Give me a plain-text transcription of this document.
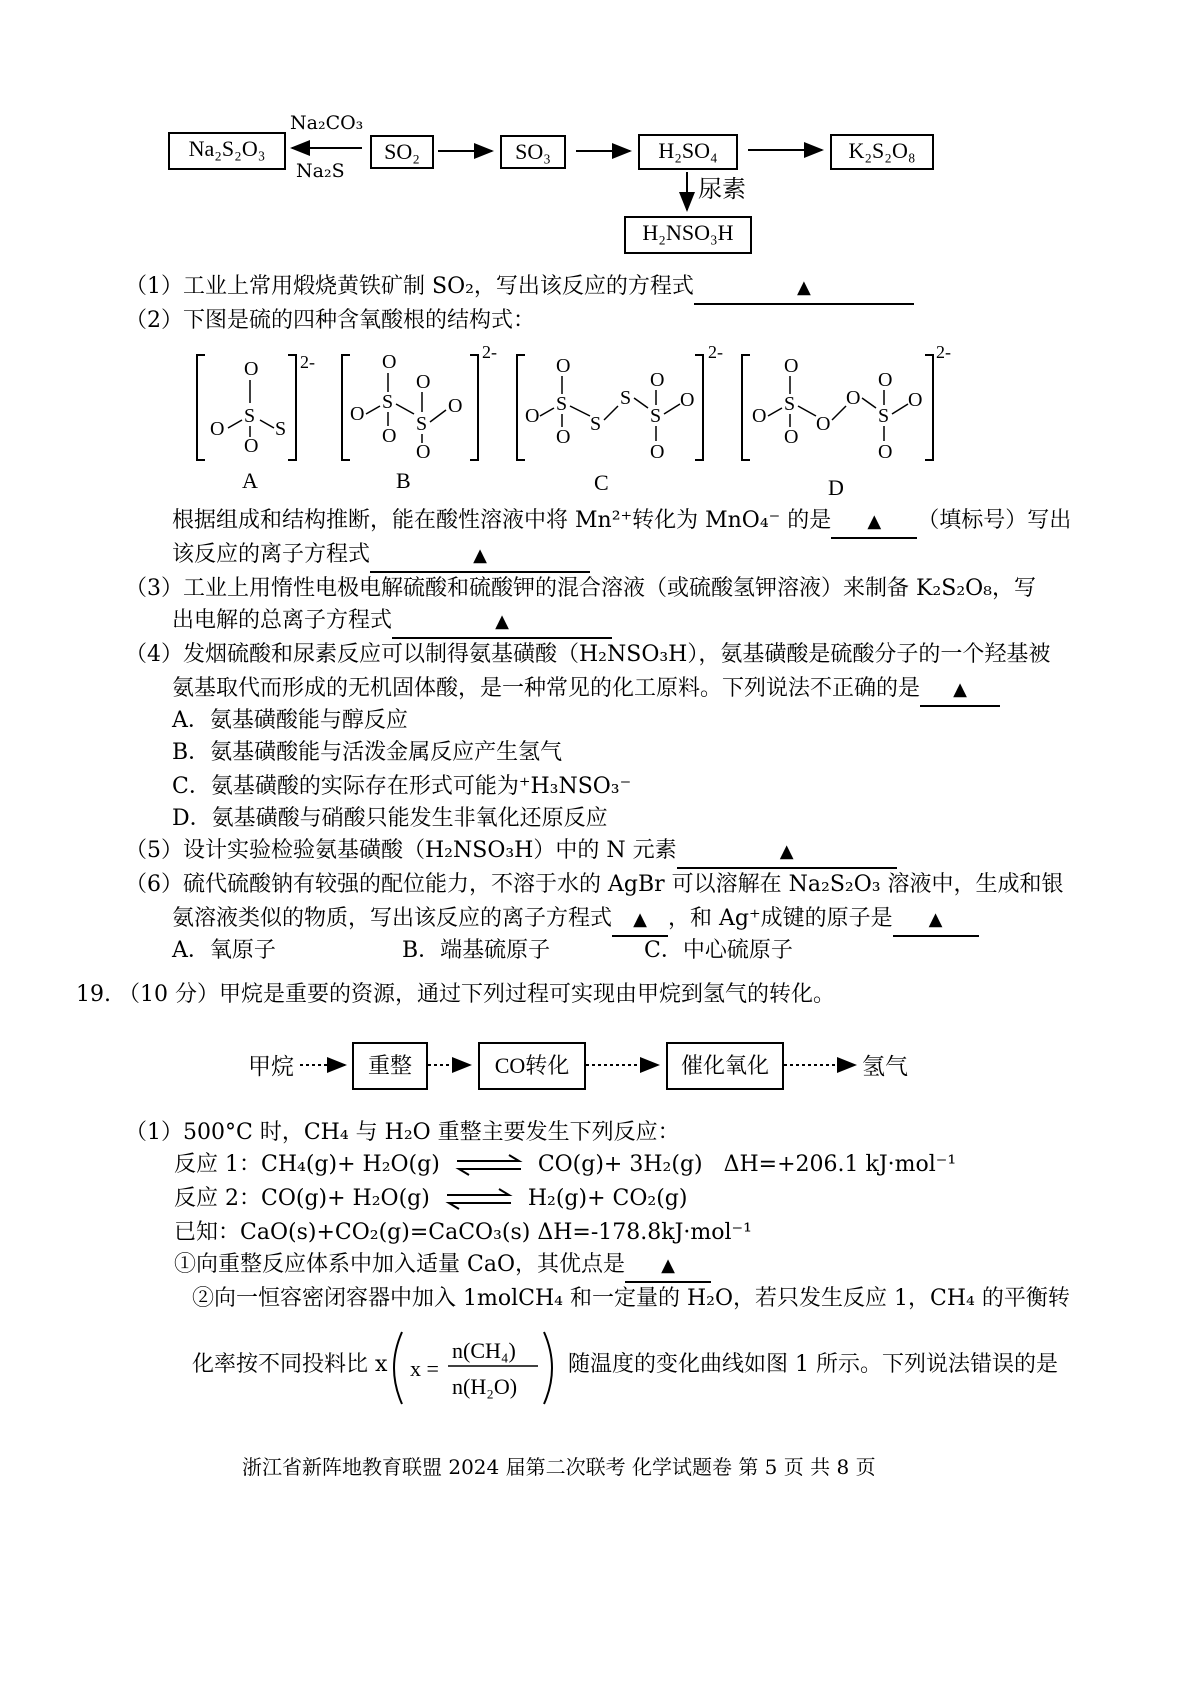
Na₂S₂O₃	SO₂	SO₃	H₂SO₄	K₂S₂O₈
H₂NSO₃H
Na₂CO₃
Na₂S
尿素
（1）工业上常用煅烧黄铁矿制 SO₂，写出该反应的方程式	▲
（2）下图是硫的四种含氧酸根的结构式：
O
S
O	S
O
2-	O
S
O
O
S
O
O
O
2-
O
S
O
O
S
S
S
O
O
O
2-
O
S
O
O
O
O
S
O
O
O
2-
A	B	C	D
根据组成和结构推断，能在酸性溶液中将 Mn²⁺转化为 MnO₄⁻ 的是 ▲ （填标号）写出
该反应的离子方程式	▲
（3）工业上用惰性电极电解硫酸和硫酸钾的混合溶液（或硫酸氢钾溶液）来制备 K₂S₂O₈，写
出电解的总离子方程式	▲
（4）发烟硫酸和尿素反应可以制得氨基磺酸（H₂NSO₃H），氨基磺酸是硫酸分子的一个羟基被
氨基取代而形成的无机固体酸，是一种常见的化工原料。下列说法不正确的是 ▲
A．氨基磺酸能与醇反应
B．氨基磺酸能与活泼金属反应产生氢气
C．氨基磺酸的实际存在形式可能为⁺H₃NSO₃⁻
D．氨基磺酸与硝酸只能发生非氧化还原反应
（5）设计实验检验氨基磺酸（H₂NSO₃H）中的 N 元素	▲
（6）硫代硫酸钠有较强的配位能力，不溶于水的 AgBr 可以溶解在 Na₂S₂O₃ 溶液中，生成和银
氨溶液类似的物质，写出该反应的离子方程式 ▲ ，和 Ag⁺成键的原子是 ▲
A．氧原子	B．端基硫原子	C．中心硫原子
19. （10 分）甲烷是重要的资源，通过下列过程可实现由甲烷到氢气的转化。
甲烷	重整	CO转化	催化氧化	氢气
（1）500°C 时，CH₄ 与 H₂O 重整主要发生下列反应：
反应 1：CH₄(g)+ H₂O(g) ⇌ CO(g)+ 3H₂(g) ΔH=+206.1 kJ·mol⁻¹
反应 2：CO(g)+ H₂O(g) ⇌ H₂(g)+ CO₂(g)
已知：CaO(s)+CO₂(g)=CaCO₃(s) ΔH=-178.8kJ·mol⁻¹
①向重整反应体系中加入适量 CaO，其优点是 ▲
②向一恒容密闭容器中加入 1molCH₄ 和一定量的 H₂O，若只发生反应 1，CH₄ 的平衡转
化率按不同投料比 x x =
n(CH₄)
n(H₂O)
随温度的变化曲线如图 1 所示。下列说法错误的是
浙江省新阵地教育联盟 2024 届第二次联考 化学试题卷 第 5 页 共 8 页
